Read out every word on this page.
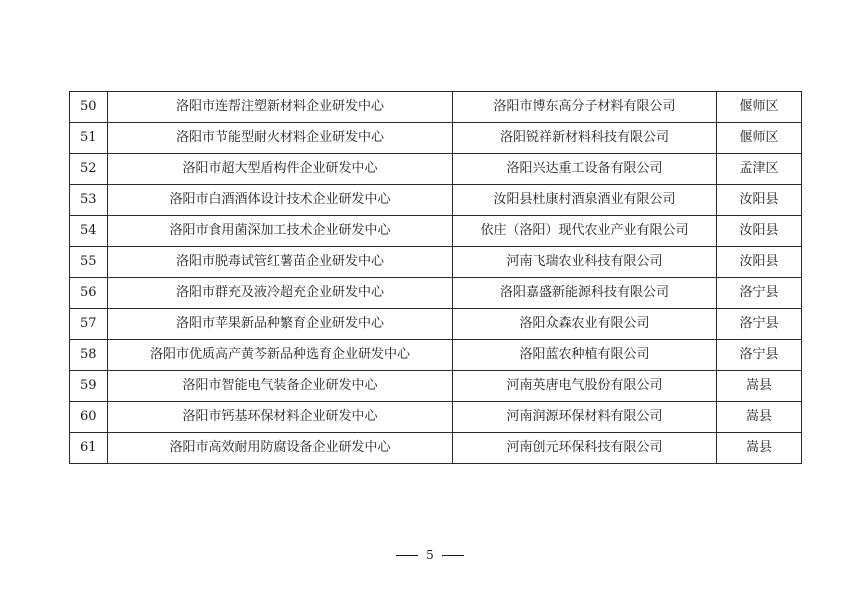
50	洛阳市连帮注塑新材料企业研发中心	洛阳市博东高分子材料有限公司	偃师区
51	洛阳市节能型耐火材料企业研发中心	洛阳锐祥新材料科技有限公司	偃师区
52	洛阳市超大型盾构件企业研发中心	洛阳兴达重工设备有限公司	孟津区
53	洛阳市白酒酒体设计技术企业研发中心	汝阳县杜康村酒泉酒业有限公司	汝阳县
54	洛阳市食用菌深加工技术企业研发中心	依庄（洛阳）现代农业产业有限公司	汝阳县
55	洛阳市脱毒试管红薯苗企业研发中心	河南飞瑞农业科技有限公司	汝阳县
56	洛阳市群充及液冷超充企业研发中心	洛阳嘉盛新能源科技有限公司	洛宁县
57	洛阳市苹果新品种繁育企业研发中心	洛阳众森农业有限公司	洛宁县
58	洛阳市优质高产黄芩新品种选育企业研发中心	洛阳蓝农种植有限公司	洛宁县
59	洛阳市智能电气装备企业研发中心	河南英唐电气股份有限公司	嵩县
60	洛阳市钙基环保材料企业研发中心	河南润源环保材料有限公司	嵩县
61	洛阳市高效耐用防腐设备企业研发中心	河南创元环保科技有限公司	嵩县
5
